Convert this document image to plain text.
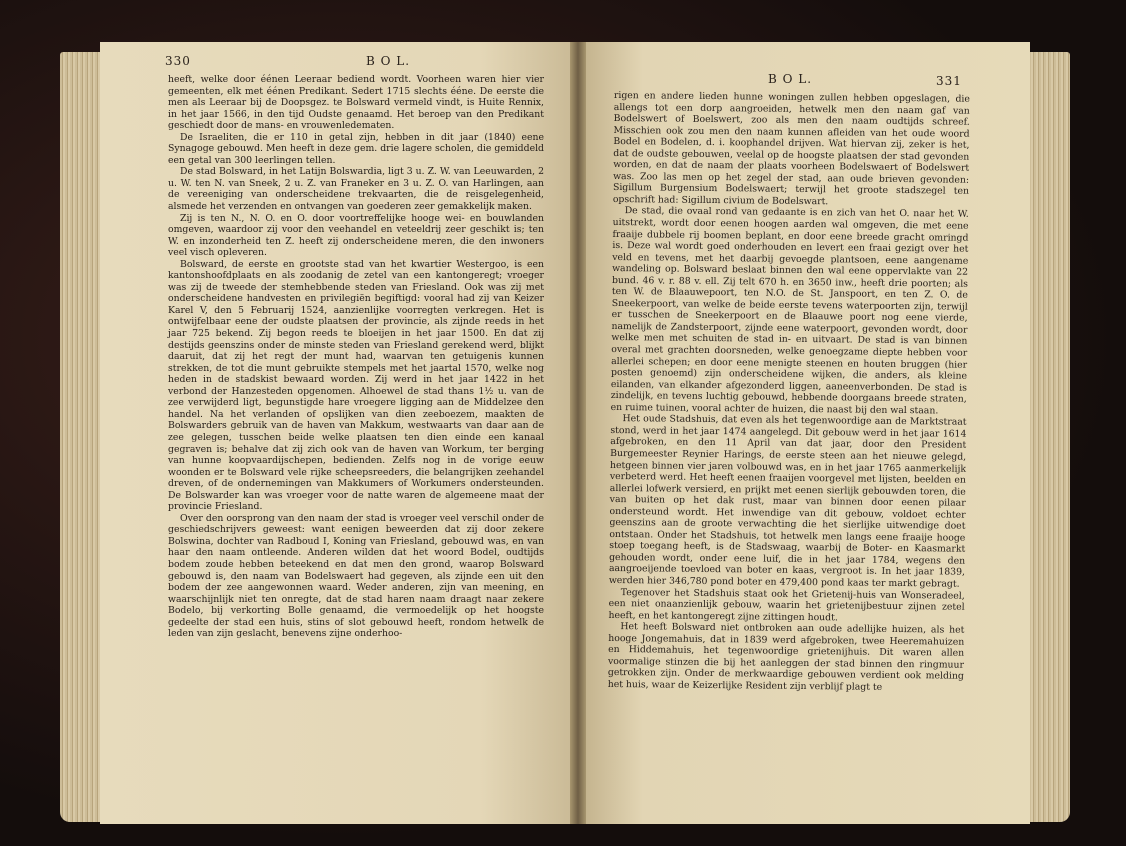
330	B O L.
B O L.	331

heeft, welke door éénen Leeraar bediend wordt. Voorheen waren hier vier gemeenten, elk met éénen Predikant. Sedert 1715 slechts ééne. De eerste die men als Leeraar bij de Doopsgez. te Bolsward vermeld vindt, is Huite Rennix, in het jaar 1566, in den tijd Oudste genaamd. Het beroep van den Predikant geschiedt door de mans- en vrouwenledematen.

De Israeliten, die er 110 in getal zijn, hebben in dit jaar (1840) eene Synagoge gebouwd. Men heeft in deze gem. drie lagere scholen, die gemiddeld een getal van 300 leerlingen tellen.

De stad Bolsward, in het Latijn Bolswardia, ligt 3 u. Z. W. van Leeuwarden, 2 u. W. ten N. van Sneek, 2 u. Z. van Franeker en 3 u. Z. O. van Harlingen, aan de vereeniging van onderscheidene trekvaarten, die de reisgelegenheid, alsmede het verzenden en ontvangen van goederen zeer gemakkelijk maken.

Zij is ten N., N. O. en O. door voortreffelijke hooge wei- en bouwlanden omgeven, waardoor zij voor den veehandel en veteeldrij zeer geschikt is; ten W. en inzonderheid ten Z. heeft zij onderscheidene meren, die den inwoners veel visch opleveren.

Bolsward, de eerste en grootste stad van het kwartier Westergoo, is een kantonshoofdplaats en als zoodanig de zetel van een kantongeregt; vroeger was zij de tweede der stemhebbende steden van Friesland. Ook was zij met onderscheidene handvesten en privilegiën begiftigd: vooral had zij van Keizer Karel V, den 5 Februarij 1524, aanzienlijke voorregten verkregen. Het is ontwijfelbaar eene der oudste plaatsen der provincie, als zijnde reeds in het jaar 725 bekend. Zij begon reeds te bloeijen in het jaar 1500. En dat zij destijds geenszins onder de minste steden van Friesland gerekend werd, blijkt daaruit, dat zij het regt der munt had, waarvan ten getuigenis kunnen strekken, de tot die munt gebruikte stempels met het jaartal 1570, welke nog heden in de stadskist bewaard worden. Zij werd in het jaar 1422 in het verbond der Hanzesteden opgenomen. Alhoewel de stad thans 1½ u. van de zee verwijderd ligt, begunstigde hare vroegere ligging aan de Middelzee den handel. Na het verlanden of opslijken van dien zeeboezem, maakten de Bolswarders gebruik van de haven van Makkum, westwaarts van daar aan de zee gelegen, tusschen beide welke plaatsen ten dien einde een kanaal gegraven is; behalve dat zij zich ook van de haven van Workum, ter berging van hunne koopvaardijschepen, bedienden. Zelfs nog in de vorige eeuw woonden er te Bolsward vele rijke scheepsreeders, die belangrijken zeehandel dreven, of de ondernemingen van Makkumers of Workumers ondersteunden. De Bolswarder kan was vroeger voor de natte waren de algemeene maat der provincie Friesland.

Over den oorsprong van den naam der stad is vroeger veel verschil onder de geschiedschrijvers geweest: want eenigen beweerden dat zij door zekere Bolswina, dochter van Radboud I, Koning van Friesland, gebouwd was, en van haar den naam ontleende. Anderen wilden dat het woord Bodel, oudtijds bodem zoude hebben beteekend en dat men den grond, waarop Bolsward gebouwd is, den naam van Bodelswaert had gegeven, als zijnde een uit den bodem der zee aangewonnen waard. Weder anderen, zijn van meening, en waarschijnlijk niet ten onregte, dat de stad haren naam draagt naar zekere Bodelo, bij verkorting Bolle genaamd, die vermoedelijk op het hoogste gedeelte der stad een huis, stins of slot gebouwd heeft, rondom hetwelk de leden van zijn geslacht, benevens zijne onderhoo-

rigen en andere lieden hunne woningen zullen hebben opgeslagen, die allengs tot een dorp aangroeiden, hetwelk men den naam gaf van Bodelswert of Boelswert, zoo als men den naam oudtijds schreef. Misschien ook zou men den naam kunnen afleiden van het oude woord Bodel en Bodelen, d. i. koophandel drijven. Wat hiervan zij, zeker is het, dat de oudste gebouwen, veelal op de hoogste plaatsen der stad gevonden worden, en dat de naam der plaats voorheen Bodelswaert of Bodelswert was. Zoo las men op het zegel der stad, aan oude brieven gevonden: Sigillum Burgensium Bodelswaert; terwijl het groote stadszegel ten opschrift had: Sigillum civium de Bodelswart.

De stad, die ovaal rond van gedaante is en zich van het O. naar het W. uitstrekt, wordt door eenen hoogen aarden wal omgeven, die met eene fraaije dubbele rij boomen beplant, en door eene breede gracht omringd is. Deze wal wordt goed onderhouden en levert een fraai gezigt over het veld en tevens, met het daarbij gevoegde plantsoen, eene aangename wandeling op. Bolsward beslaat binnen den wal eene oppervlakte van 22 bund. 46 v. r. 88 v. ell. Zij telt 670 h. en 3650 inw., heeft drie poorten; als ten W. de Blaauwepoort, ten N.O. de St. Janspoort, en ten Z. O. de Sneekerpoort, van welke de beide eerste tevens waterpoorten zijn, terwijl er tusschen de Sneekerpoort en de Blaauwe poort nog eene vierde, namelijk de Zandsterpoort, zijnde eene waterpoort, gevonden wordt, door welke men met schuiten de stad in- en uitvaart. De stad is van binnen overal met grachten doorsneden, welke genoegzame diepte hebben voor allerlei schepen; en door eene menigte steenen en houten bruggen (hier posten genoemd) zijn onderscheidene wijken, die anders, als kleine eilanden, van elkander afgezonderd liggen, aaneenverbonden. De stad is zindelijk, en tevens luchtig gebouwd, hebbende doorgaans breede straten, en ruime tuinen, vooral achter de huizen, die naast bij den wal staan.

Het oude Stadshuis, dat even als het tegenwoordige aan de Marktstraat stond, werd in het jaar 1474 aangelegd. Dit gebouw werd in het jaar 1614 afgebroken, en den 11 April van dat jaar, door den President Burgemeester Reynier Harings, de eerste steen aan het nieuwe gelegd, hetgeen binnen vier jaren volbouwd was, en in het jaar 1765 aanmerkelijk verbeterd werd. Het heeft eenen fraaijen voorgevel met lijsten, beelden en allerlei lofwerk versierd, en prijkt met eenen sierlijk gebouwden toren, die van buiten op het dak rust, maar van binnen door eenen pilaar ondersteund wordt. Het inwendige van dit gebouw, voldoet echter geenszins aan de groote verwachting die het sierlijke uitwendige doet ontstaan. Onder het Stadshuis, tot hetwelk men langs eene fraaije hooge stoep toegang heeft, is de Stadswaag, waarbij de Boter- en Kaasmarkt gehouden wordt, onder eene luif, die in het jaar 1784, wegens den aangroeijende toevloed van boter en kaas, vergroot is. In het jaar 1839, werden hier 346,780 pond boter en 479,400 pond kaas ter markt gebragt.

Tegenover het Stadshuis staat ook het Grietenij-huis van Wonseradeel, een niet onaanzienlijk gebouw, waarin het grietenijbestuur zijnen zetel heeft, en het kantongeregt zijne zittingen houdt.

Het heeft Bolsward niet ontbroken aan oude adellijke huizen, als het hooge Jongemahuis, dat in 1839 werd afgebroken, twee Heeremahuizen en Hiddemahuis, het tegenwoordige grietenijhuis. Dit waren allen voormalige stinzen die bij het aanleggen der stad binnen den ringmuur getrokken zijn. Onder de merkwaardige gebouwen verdient ook melding het huis, waar de Keizerlijke Resident zijn verblijf plagt te
